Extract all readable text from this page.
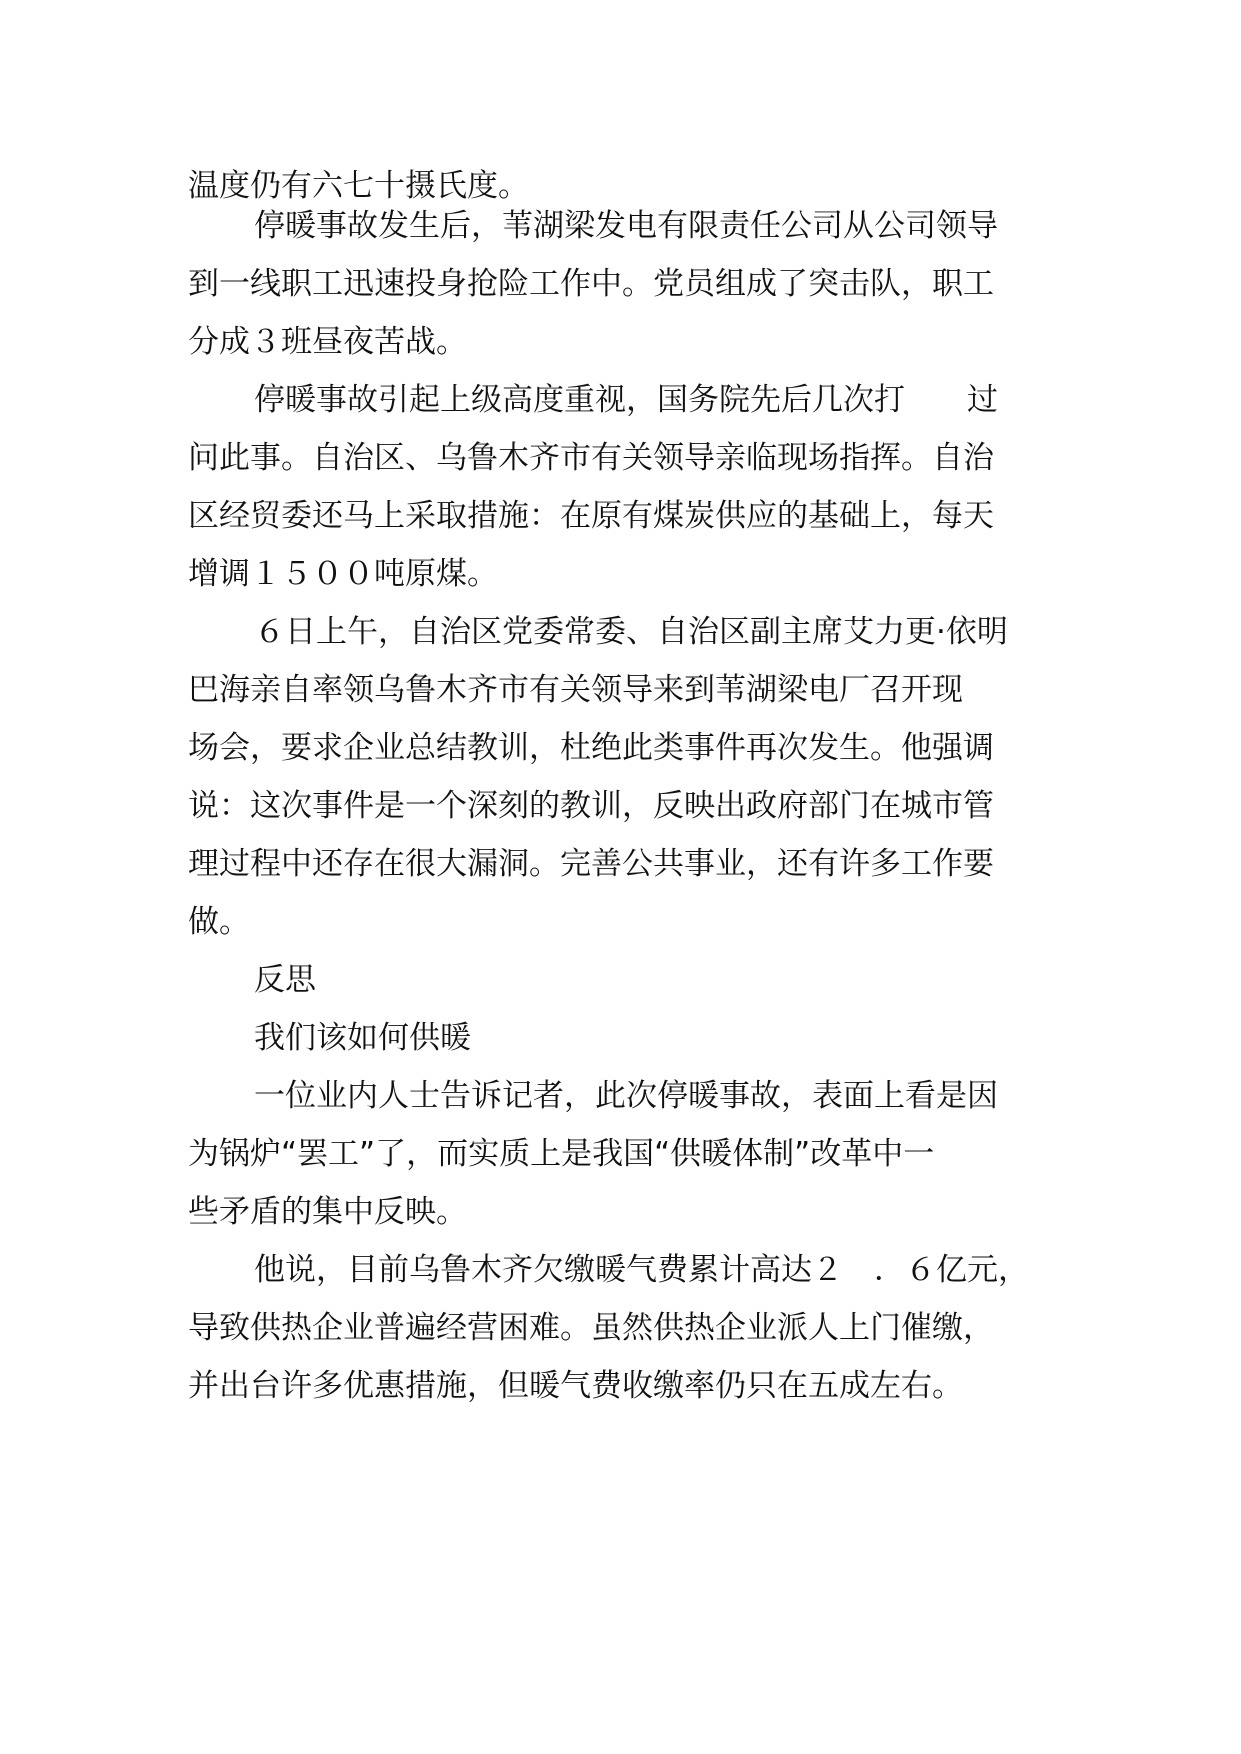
温度仍有六七十摄氏度。
停暖事故发生后，苇湖梁发电有限责任公司从公司领导
到一线职工迅速投身抢险工作中。党员组成了突击队，职工
分成３班昼夜苦战。
停暖事故引起上级高度重视，国务院先后几次打　　过
问此事。自治区、乌鲁木齐市有关领导亲临现场指挥。自治
区经贸委还马上采取措施：在原有煤炭供应的基础上，每天
增调１５００吨原煤。
６日上午，自治区党委常委、自治区副主席艾力更·依明
巴海亲自率领乌鲁木齐市有关领导来到苇湖梁电厂召开现
场会，要求企业总结教训，杜绝此类事件再次发生。他强调
说：这次事件是一个深刻的教训，反映出政府部门在城市管
理过程中还存在很大漏洞。完善公共事业，还有许多工作要
做。
反思
我们该如何供暖
一位业内人士告诉记者，此次停暖事故，表面上看是因
为锅炉“罢工”了，而实质上是我国“供暖体制”改革中一
些矛盾的集中反映。
他说，目前乌鲁木齐欠缴暖气费累计高达２　．６亿元，
导致供热企业普遍经营困难。虽然供热企业派人上门催缴，
并出台许多优惠措施，但暖气费收缴率仍只在五成左右。
